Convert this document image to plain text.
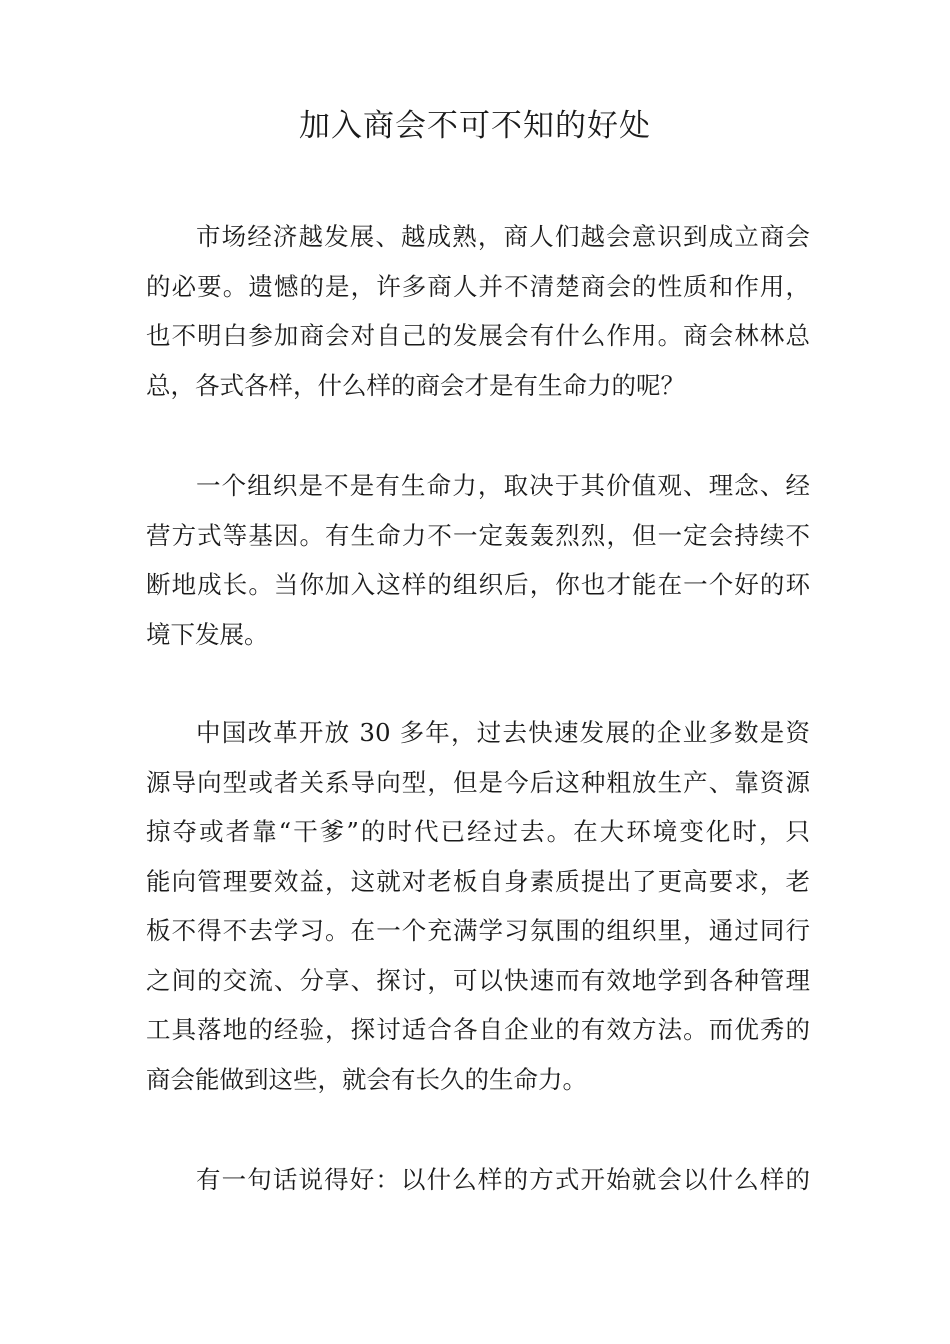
加入商会不可不知的好处

市场经济越发展、越成熟，商人们越会意识到成立商会
的必要。遗憾的是，许多商人并不清楚商会的性质和作用，
也不明白参加商会对自己的发展会有什么作用。商会林林总
总，各式各样，什么样的商会才是有生命力的呢？

一个组织是不是有生命力，取决于其价值观、理念、经
营方式等基因。有生命力不一定轰轰烈烈，但一定会持续不
断地成长。当你加入这样的组织后，你也才能在一个好的环
境下发展。

中国改革开放 30 多年，过去快速发展的企业多数是资
源导向型或者关系导向型，但是今后这种粗放生产、靠资源
掠夺或者靠“干爹”的时代已经过去。在大环境变化时，只
能向管理要效益，这就对老板自身素质提出了更高要求，老
板不得不去学习。在一个充满学习氛围的组织里，通过同行
之间的交流、分享、探讨，可以快速而有效地学到各种管理
工具落地的经验，探讨适合各自企业的有效方法。而优秀的
商会能做到这些，就会有长久的生命力。

有一句话说得好：以什么样的方式开始就会以什么样的
